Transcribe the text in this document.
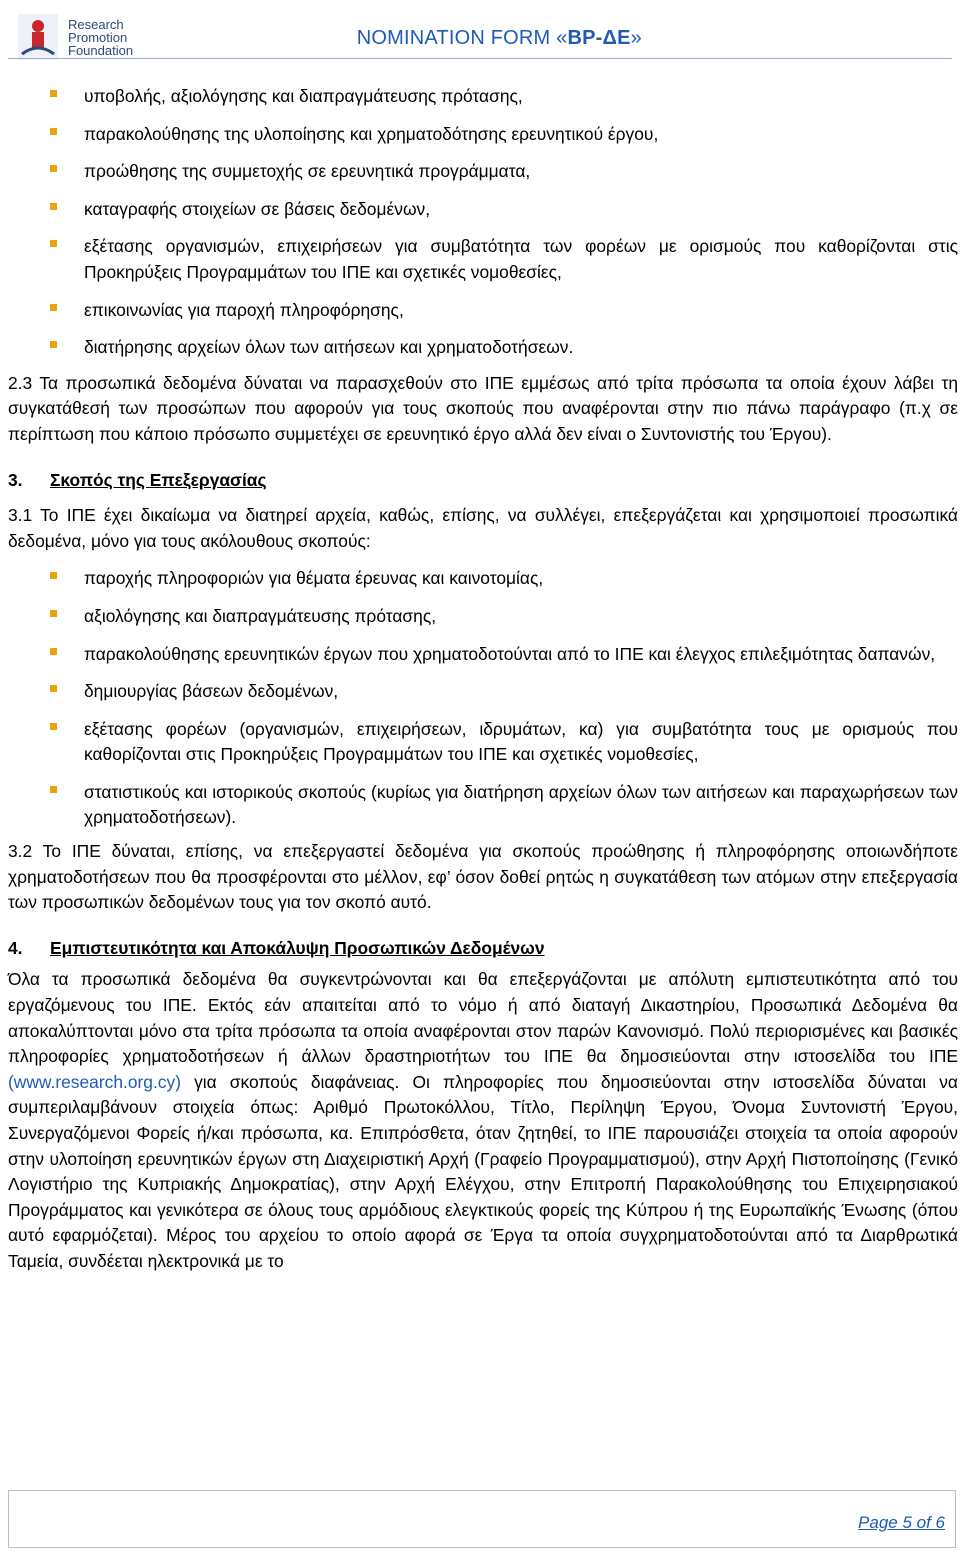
Research
Promotion
Foundation
NOMINATION FORM «ΒΡ-ΔΕ»
υποβολής, αξιολόγησης και διαπραγμάτευσης πρότασης,
παρακολούθησης της υλοποίησης και χρηματοδότησης ερευνητικού έργου,
προώθησης της συμμετοχής σε ερευνητικά προγράμματα,
καταγραφής στοιχείων σε βάσεις δεδομένων,
εξέτασης οργανισμών, επιχειρήσεων για συμβατότητα των φορέων με ορισμούς που καθορίζονται στις Προκηρύξεις Προγραμμάτων του ΙΠΕ και σχετικές νομοθεσίες,
επικοινωνίας για παροχή πληροφόρησης,
διατήρησης αρχείων όλων των αιτήσεων και χρηματοδοτήσεων.

2.3 Τα προσωπικά δεδομένα δύναται να παρασχεθούν στο ΙΠΕ εμμέσως από τρίτα πρόσωπα τα οποία έχουν λάβει τη συγκατάθεσή των προσώπων που αφορούν για τους σκοπούς που αναφέρονται στην πιο πάνω παράγραφο (π.χ σε περίπτωση που κάποιο πρόσωπο συμμετέχει σε ερευνητικό έργο αλλά δεν είναι ο Συντονιστής του Έργου).

3.	Σκοπός της Επεξεργασίας

3.1 Το ΙΠΕ έχει δικαίωμα να διατηρεί αρχεία, καθώς, επίσης, να συλλέγει, επεξεργάζεται και χρησιμοποιεί προσωπικά δεδομένα, μόνο για τους ακόλουθους σκοπούς:

παροχής πληροφοριών για θέματα έρευνας και καινοτομίας,
αξιολόγησης και διαπραγμάτευσης πρότασης,
παρακολούθησης ερευνητικών έργων που χρηματοδοτούνται από το ΙΠΕ και έλεγχος επιλεξιμότητας δαπανών,
δημιουργίας βάσεων δεδομένων,
εξέτασης φορέων (οργανισμών, επιχειρήσεων, ιδρυμάτων, κα) για συμβατότητα τους με ορισμούς που καθορίζονται στις Προκηρύξεις Προγραμμάτων του ΙΠΕ και σχετικές νομοθεσίες,
στατιστικούς και ιστορικούς σκοπούς (κυρίως για διατήρηση αρχείων όλων των αιτήσεων και παραχωρήσεων των χρηματοδοτήσεων).

3.2 Το ΙΠΕ δύναται, επίσης, να επεξεργαστεί δεδομένα για σκοπούς προώθησης ή πληροφόρησης οποιωνδήποτε χρηματοδοτήσεων που θα προσφέρονται στο μέλλον, εφ’ όσον δοθεί ρητώς η συγκατάθεση των ατόμων στην επεξεργασία των προσωπικών δεδομένων τους για τον σκοπό αυτό.

4.	Εμπιστευτικότητα και Αποκάλυψη Προσωπικών Δεδομένων

Όλα τα προσωπικά δεδομένα θα συγκεντρώνονται και θα επεξεργάζονται με απόλυτη εμπιστευτικότητα από του εργαζόμενους του ΙΠΕ. Εκτός εάν απαιτείται από το νόμο ή από διαταγή Δικαστηρίου, Προσωπικά Δεδομένα θα αποκαλύπτονται μόνο στα τρίτα πρόσωπα τα οποία αναφέρονται στον παρών Κανονισμό. Πολύ περιορισμένες και βασικές πληροφορίες χρηματοδοτήσεων ή άλλων δραστηριοτήτων του ΙΠΕ θα δημοσιεύονται στην ιστοσελίδα του ΙΠΕ (www.research.org.cy) για σκοπούς διαφάνειας. Οι πληροφορίες που δημοσιεύονται στην ιστοσελίδα δύναται να συμπεριλαμβάνουν στοιχεία όπως: Αριθμό Πρωτοκόλλου, Τίτλο, Περίληψη Έργου, Όνομα Συντονιστή Έργου, Συνεργαζόμενοι Φορείς ή/και πρόσωπα, κα. Επιπρόσθετα, όταν ζητηθεί, το ΙΠΕ παρουσιάζει στοιχεία τα οποία αφορούν στην υλοποίηση ερευνητικών έργων στη Διαχειριστική Αρχή (Γραφείο Προγραμματισμού), στην Αρχή Πιστοποίησης (Γενικό Λογιστήριο της Κυπριακής Δημοκρατίας), στην Αρχή Ελέγχου, στην Επιτροπή Παρακολούθησης του Επιχειρησιακού Προγράμματος και γενικότερα σε όλους τους αρμόδιους ελεγκτικούς φορείς της Κύπρου ή της Ευρωπαϊκής Ένωσης (όπου αυτό εφαρμόζεται). Μέρος του αρχείου το οποίο αφορά σε Έργα τα οποία συγχρηματοδοτούνται από τα Διαρθρωτικά Ταμεία, συνδέεται ηλεκτρονικά με το

Page 5 of 6
